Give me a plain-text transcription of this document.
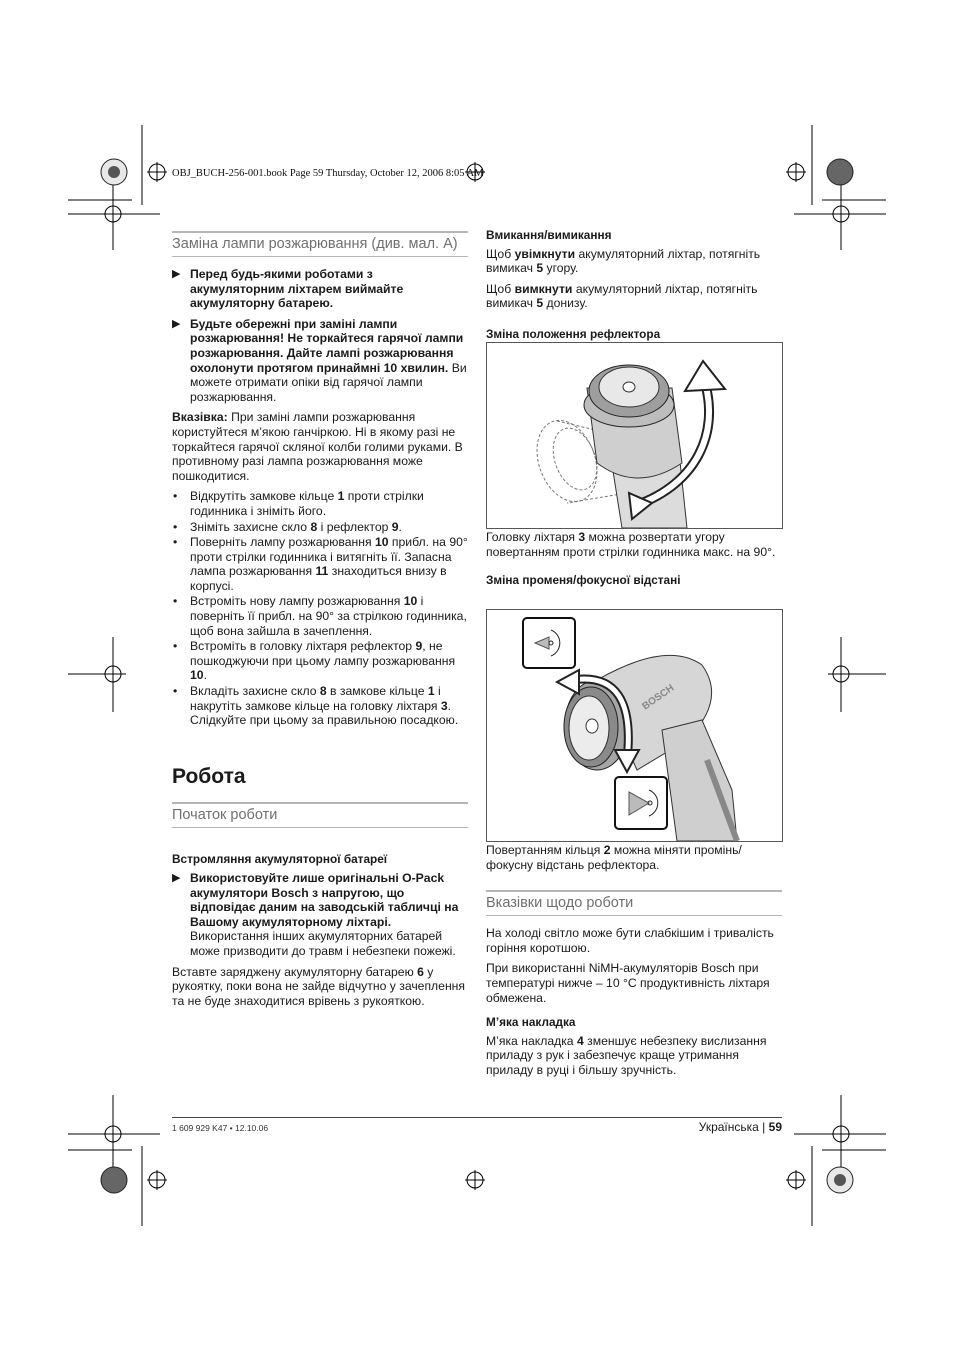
OBJ_BUCH-256-001.book Page 59 Thursday, October 12, 2006 8:05 AM
Заміна лампи розжарювання (див. мал. A)
▶ Перед будь-якими роботами з акумуляторним ліхтарем виймайте акумуляторну батарею.
▶ Будьте обережні при заміні лампи розжарювання! Не торкайтеся гарячої лампи розжарювання. Дайте лампі розжарювання охолонути протягом принаймні 10 хвилин. Ви можете отримати опіки від гарячої лампи розжарювання.

Вказівка: При заміні лампи розжарювання користуйтеся м’якою ганчіркою. Ні в якому разі не торкайтеся гарячої скляної колби голими руками. В противному разі лампа розжарювання може пошкодитися.

• Відкрутіть замкове кільце 1 проти стрілки годинника і зніміть його.
• Зніміть захисне скло 8 і рефлектор 9.
• Поверніть лампу розжарювання 10 прибл. на 90° проти стрілки годинника і витягніть її. Запасна лампа розжарювання 11 знаходиться внизу в корпусі.
• Встроміть нову лампу розжарювання 10 і поверніть її прибл. на 90° за стрілкою годинника, щоб вона зайшла в зачеплення.
• Встроміть в головку ліхтаря рефлектор 9, не пошкоджуючи при цьому лампу розжарювання 10.
• Вкладіть захисне скло 8 в замкове кільце 1 і накрутіть замкове кільце на головку ліхтаря 3. Слідкуйте при цьому за правильною посадкою.
Робота
Початок роботи
Встромляння акумуляторної батареї
▶ Використовуйте лише оригінальні O-Pack акумулятори Bosch з напругою, що відповідає даним на заводській табличці на Вашому акумуляторному ліхтарі. Використання інших акумуляторних батарей може призводити до травм і небезпеки пожежі.

Вставте заряджену акумуляторну батарею 6 у рукоятку, поки вона не зайде відчутно у зачеплення та не буде знаходитися врівень з рукояткою.

Вмикання/вимикання

Щоб увімкнути акумуляторний ліхтар, потягніть вимикач 5 угору.

Щоб вимкнути акумуляторний ліхтар, потягніть вимикач 5 донизу.

Зміна положення рефлектора

Головку ліхтаря 3 можна розвертати угору повертанням проти стрілки годинника макс. на 90°.

Зміна променя/фокусної відстані
BOSCH

Повертанням кільця 2 можна міняти промінь/фокусну відстань рефлектора.

Вказівки щодо роботи

На холоді світло може бути слабкішим і тривалість горіння коротшою.

При використанні NiMH-акумуляторів Bosch при температурі нижче – 10 °C продуктивність ліхтаря обмежена.

М’яка накладка

М’яка накладка 4 зменшує небезпеку вислизання приладу з рук і забезпечує краще утримання приладу в руці і більшу зручність.

1 609 929 K47 • 12.10.06	Українська | 59
